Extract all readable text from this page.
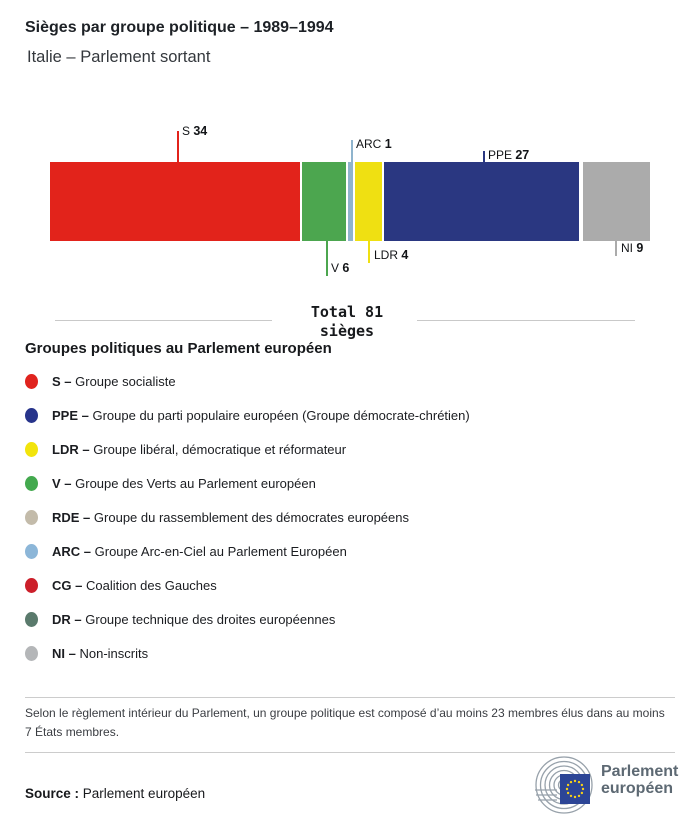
Sièges par groupe politique – 1989–1994
Italie – Parlement sortant
S 34
V 6
ARC 1
LDR 4
PPE 27
NI 9
Total 81
sièges
Groupes politiques au Parlement européen
S – Groupe socialiste
PPE – Groupe du parti populaire européen (Groupe démocrate-chrétien)
LDR – Groupe libéral, démocratique et réformateur
V – Groupe des Verts au Parlement européen
RDE – Groupe du rassemblement des démocrates européens
ARC – Groupe Arc-en-Ciel au Parlement Européen
CG – Coalition des Gauches
DR – Groupe technique des droites européennes
NI – Non-inscrits
Selon le règlement intérieur du Parlement, un groupe politique est composé d’au moins 23 membres élus dans au moins 7 États membres.
Source : Parlement européen
Parlement
européen
